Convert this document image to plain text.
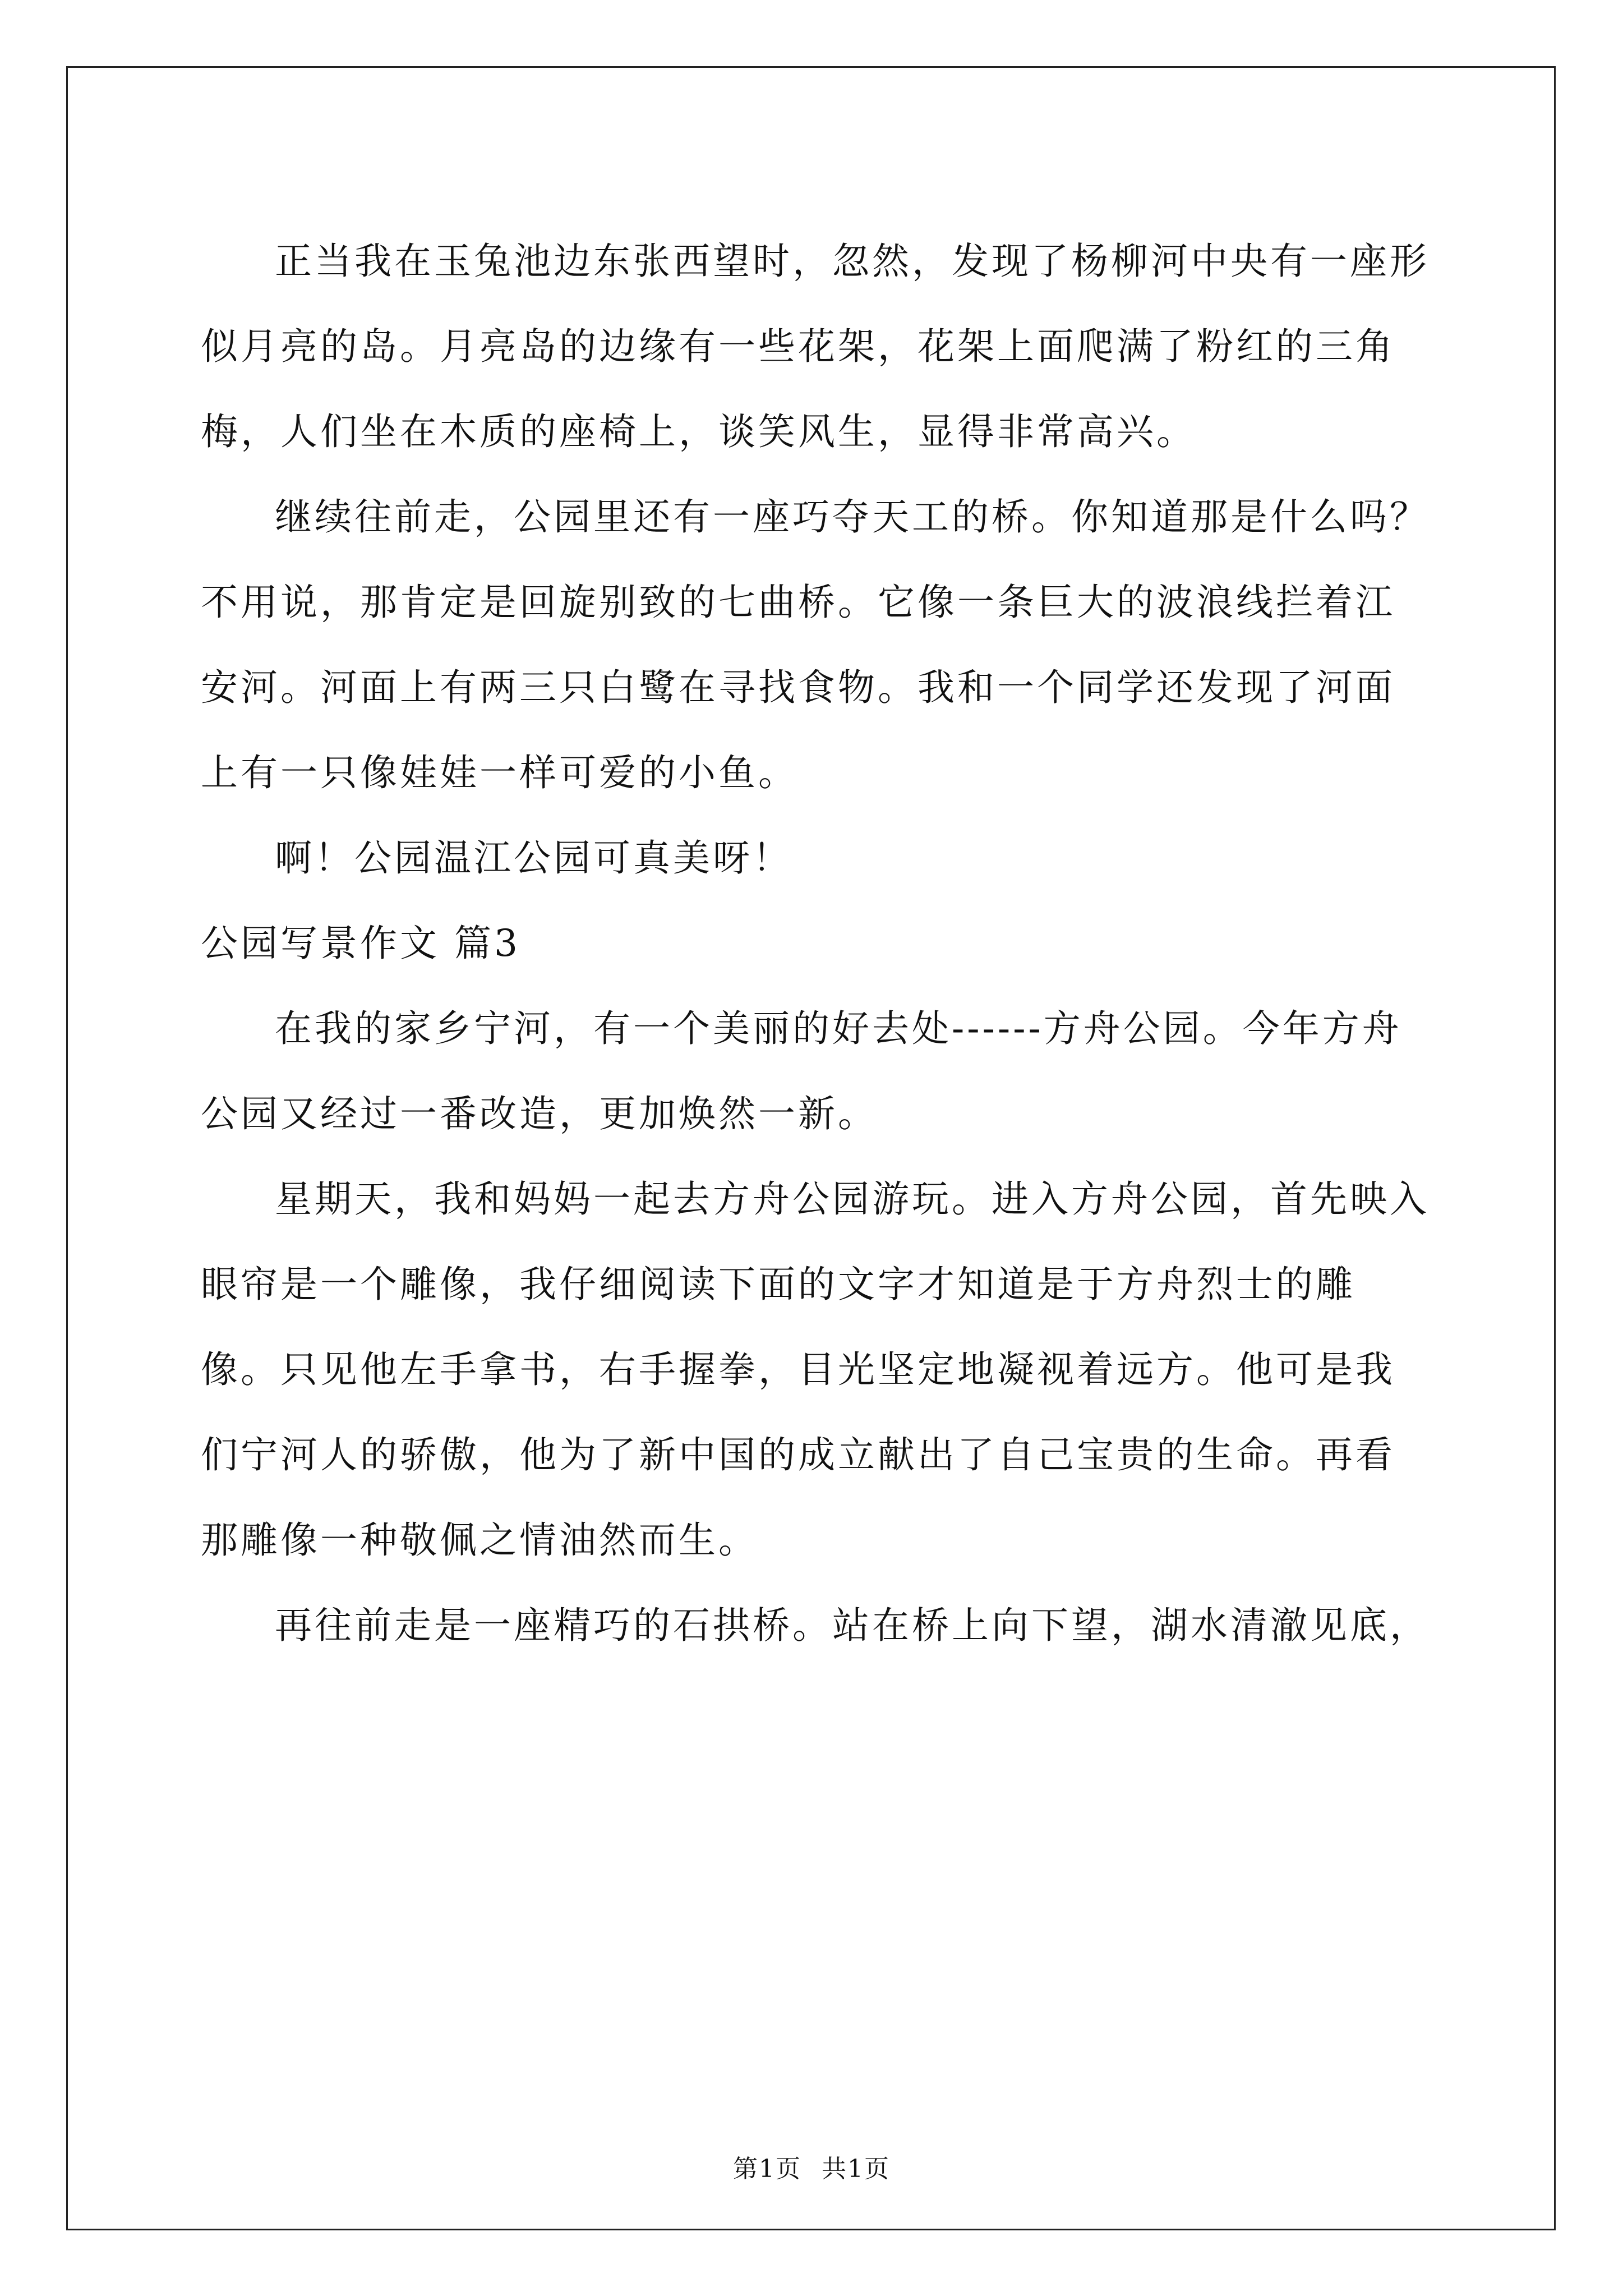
正当我在玉兔池边东张西望时，忽然，发现了杨柳河中央有一座形似月亮的岛。月亮岛的边缘有一些花架，花架上面爬满了粉红的三角梅，人们坐在木质的座椅上，谈笑风生，显得非常高兴。

继续往前走，公园里还有一座巧夺天工的桥。你知道那是什么吗？不用说，那肯定是回旋别致的七曲桥。它像一条巨大的波浪线拦着江安河。河面上有两三只白鹭在寻找食物。我和一个同学还发现了河面上有一只像娃娃一样可爱的小鱼。

啊！公园温江公园可真美呀！

公园写景作文 篇3

在我的家乡宁河，有一个美丽的好去处------方舟公园。今年方舟公园又经过一番改造，更加焕然一新。

星期天，我和妈妈一起去方舟公园游玩。进入方舟公园，首先映入眼帘是一个雕像，我仔细阅读下面的文字才知道是于方舟烈士的雕像。只见他左手拿书，右手握拳，目光坚定地凝视着远方。他可是我们宁河人的骄傲，他为了新中国的成立献出了自己宝贵的生命。再看那雕像一种敬佩之情油然而生。

再往前走是一座精巧的石拱桥。站在桥上向下望，湖水清澈见底，

第1页 共1页
